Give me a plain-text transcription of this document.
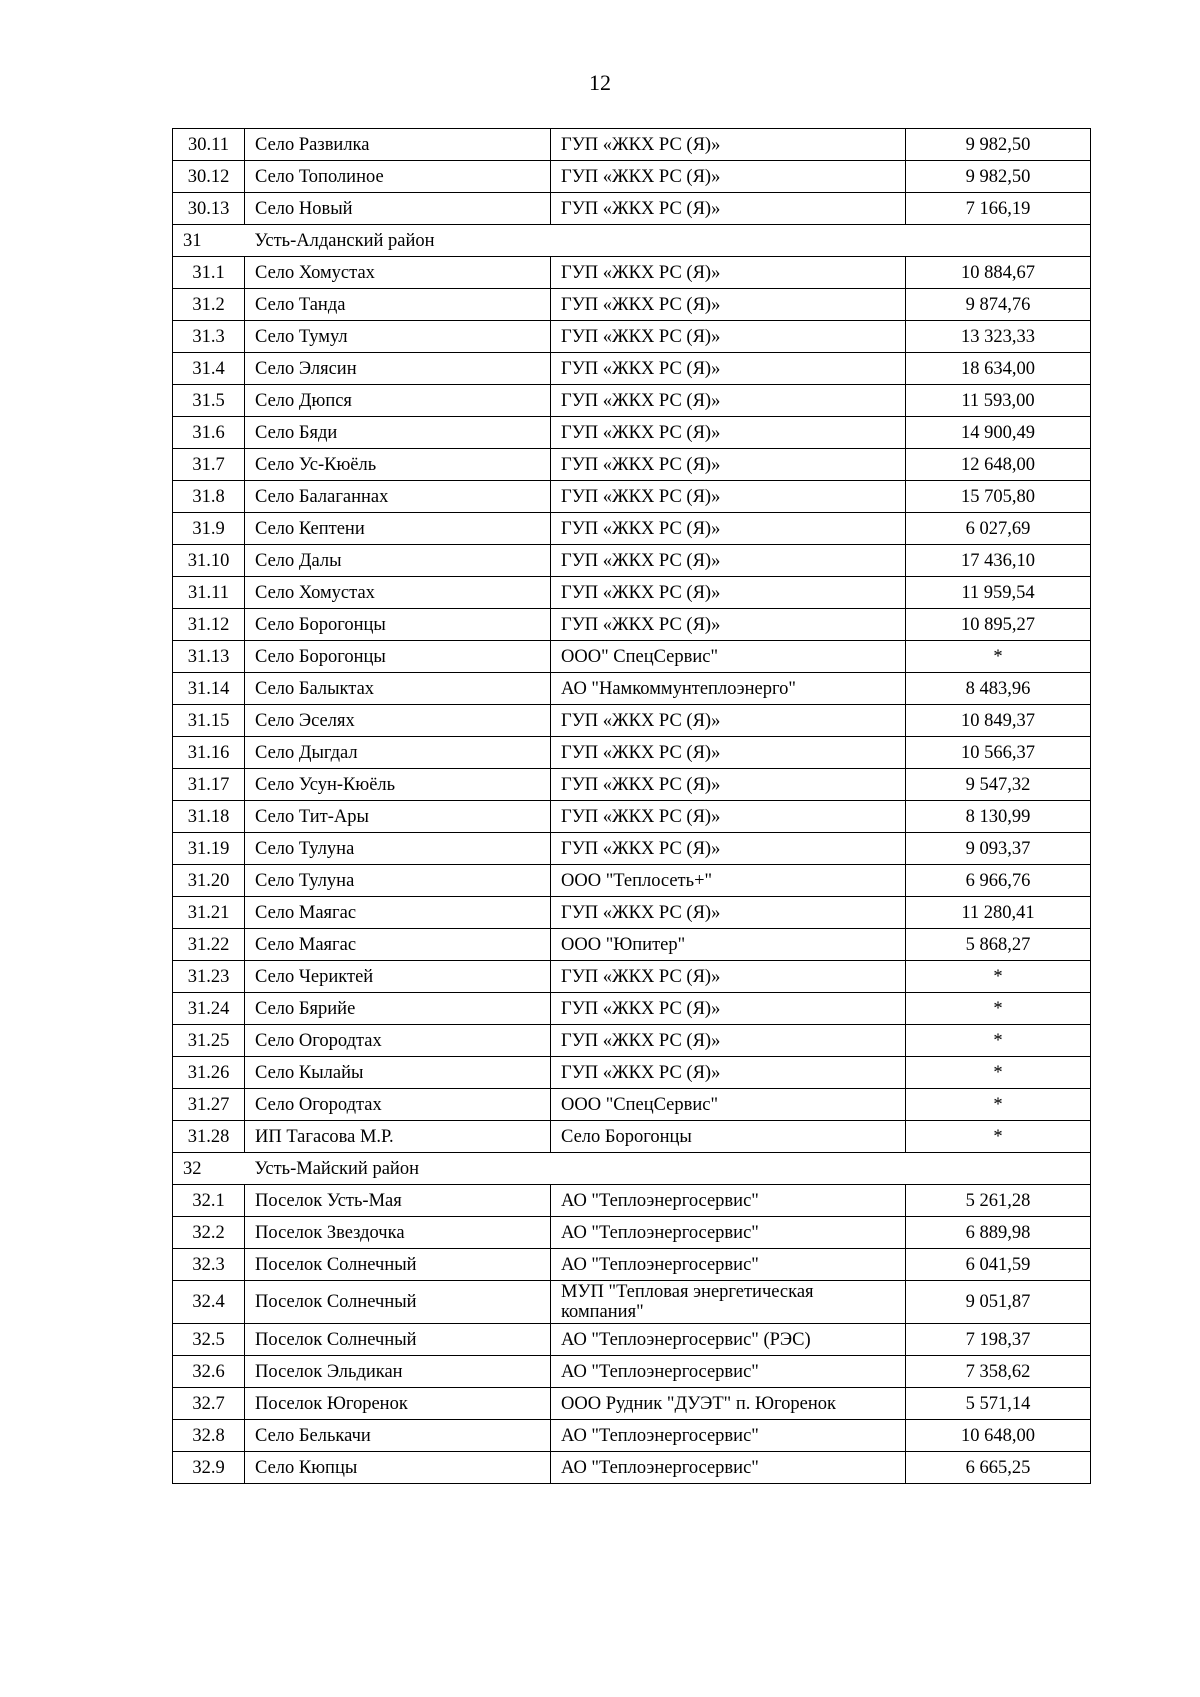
12
30.11	Село Развилка	ГУП «ЖКХ РС (Я)»	9 982,50
30.12	Село Тополиное	ГУП «ЖКХ РС (Я)»	9 982,50
30.13	Село Новый	ГУП «ЖКХ РС (Я)»	7 166,19
31	Усть-Алданский район		
31.1	Село Хомустах	ГУП «ЖКХ РС (Я)»	10 884,67
31.2	Село Танда	ГУП «ЖКХ РС (Я)»	9 874,76
31.3	Село Тумул	ГУП «ЖКХ РС (Я)»	13 323,33
31.4	Село Элясин	ГУП «ЖКХ РС (Я)»	18 634,00
31.5	Село Дюпся	ГУП «ЖКХ РС (Я)»	11 593,00
31.6	Село Бяди	ГУП «ЖКХ РС (Я)»	14 900,49
31.7	Село Ус-Кюёль	ГУП «ЖКХ РС (Я)»	12 648,00
31.8	Село Балаганнах	ГУП «ЖКХ РС (Я)»	15 705,80
31.9	Село Кептени	ГУП «ЖКХ РС (Я)»	6 027,69
31.10	Село Далы	ГУП «ЖКХ РС (Я)»	17 436,10
31.11	Село Хомустах	ГУП «ЖКХ РС (Я)»	11 959,54
31.12	Село Борогонцы	ГУП «ЖКХ РС (Я)»	10 895,27
31.13	Село Борогонцы	ООО" СпецСервис"	*
31.14	Село Балыктах	АО "Намкоммунтеплоэнерго"	8 483,96
31.15	Село Эселях	ГУП «ЖКХ РС (Я)»	10 849,37
31.16	Село Дыгдал	ГУП «ЖКХ РС (Я)»	10 566,37
31.17	Село Усун-Кюёль	ГУП «ЖКХ РС (Я)»	9 547,32
31.18	Село Тит-Ары	ГУП «ЖКХ РС (Я)»	8 130,99
31.19	Село Тулуна	ГУП «ЖКХ РС (Я)»	9 093,37
31.20	Село Тулуна	ООО "Теплосеть+"	6 966,76
31.21	Село Маягас	ГУП «ЖКХ РС (Я)»	11 280,41
31.22	Село Маягас	ООО "Юпитер"	5 868,27
31.23	Село Чериктей	ГУП «ЖКХ РС (Я)»	*
31.24	Село Бярийе	ГУП «ЖКХ РС (Я)»	*
31.25	Село Огородтах	ГУП «ЖКХ РС (Я)»	*
31.26	Село Кылайы	ГУП «ЖКХ РС (Я)»	*
31.27	Село Огородтах	ООО "СпецСервис"	*
31.28	ИП Тагасова М.Р.	Село Борогонцы	*
32	Усть-Майский район		
32.1	Поселок Усть-Мая	АО "Теплоэнергосервис"	5 261,28
32.2	Поселок Звездочка	АО "Теплоэнергосервис"	6 889,98
32.3	Поселок Солнечный	АО "Теплоэнергосервис"	6 041,59
32.4	Поселок Солнечный	МУП "Тепловая энергетическая компания"	9 051,87
32.5	Поселок Солнечный	АО "Теплоэнергосервис" (РЭС)	7 198,37
32.6	Поселок Эльдикан	АО "Теплоэнергосервис"	7 358,62
32.7	Поселок Югоренок	ООО Рудник "ДУЭТ" п. Югоренок	5 571,14
32.8	Село Белькачи	АО "Теплоэнергосервис"	10 648,00
32.9	Село Кюпцы	АО "Теплоэнергосервис"	6 665,25
